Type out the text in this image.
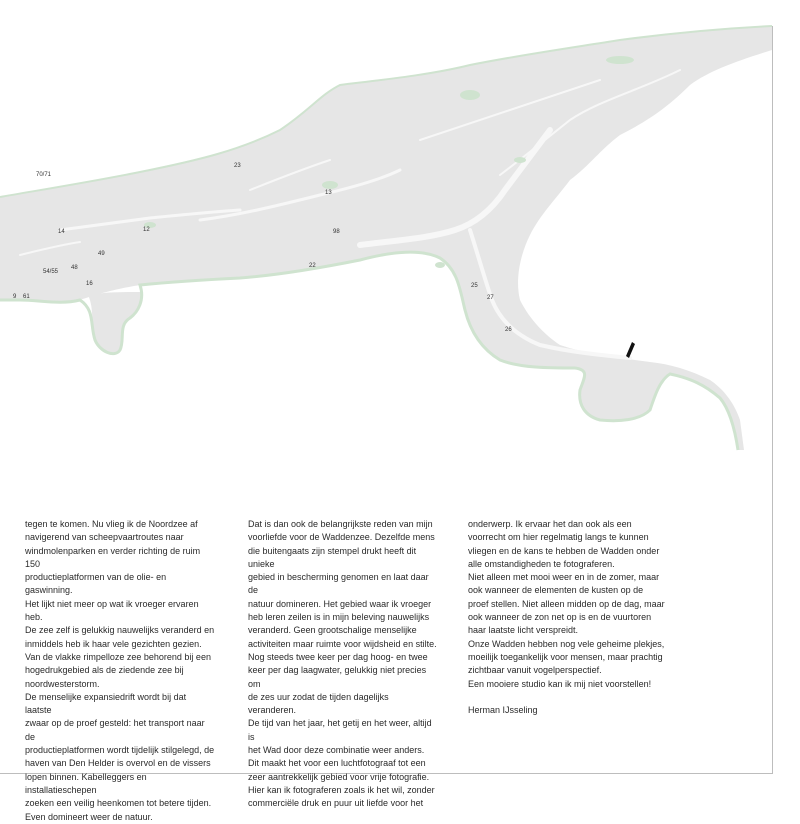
70/71
23
13
14	12	98
49
48
54/55
22
16
9 61
25
27
26

tegen te komen. Nu vlieg ik de Noordzee af

navigerend van scheepvaartroutes naar

windmolenparken en verder richting de ruim 150

productieplatformen van de olie- en gaswinning.

Het lijkt niet meer op wat ik vroeger ervaren heb.

De zee zelf is gelukkig nauwelijks veranderd en

inmiddels heb ik haar vele gezichten gezien.

Van de vlakke rimpelloze zee behorend bij een

hogedrukgebied als de ziedende zee bij

noordwesterstorm.

De menselijke expansiedrift wordt bij dat laatste

zwaar op de proef gesteld: het transport naar de

productieplatformen wordt tijdelijk stilgelegd, de

haven van Den Helder is overvol en de vissers

lopen binnen. Kabelleggers en installatieschepen

zoeken een veilig heenkomen tot betere tijden.

Even domineert weer de natuur.

Dat is dan ook de belangrijkste reden van mijn

voorliefde voor de Waddenzee. Dezelfde mens

die buitengaats zijn stempel drukt heeft dit unieke

gebied in bescherming genomen en laat daar de

natuur domineren. Het gebied waar ik vroeger

heb leren zeilen is in mijn beleving nauwelijks

veranderd. Geen grootschalige menselijke

activiteiten maar ruimte voor wijdsheid en stilte.

Nog steeds twee keer per dag hoog- en twee

keer per dag laagwater, gelukkig niet precies om

de zes uur zodat de tijden dagelijks veranderen.

De tijd van het jaar, het getij en het weer, altijd is

het Wad door deze combinatie weer anders.

Dit maakt het voor een luchtfotograaf tot een

zeer aantrekkelijk gebied voor vrije fotografie.

Hier kan ik fotograferen zoals ik het wil, zonder

commerciële druk en puur uit liefde voor het

onderwerp. Ik ervaar het dan ook als een

voorrecht om hier regelmatig langs te kunnen

vliegen en de kans te hebben de Wadden onder

alle omstandigheden te fotograferen.

Niet alleen met mooi weer en in de zomer, maar

ook wanneer de elementen de kusten op de

proef stellen. Niet alleen midden op de dag, maar

ook wanneer de zon net op is en de vuurtoren

haar laatste licht verspreidt.

Onze Wadden hebben nog vele geheime plekjes,

moeilijk toegankelijk voor mensen, maar prachtig

zichtbaar vanuit vogelperspectief.

Een mooiere studio kan ik mij niet voorstellen!

Herman IJsseling
